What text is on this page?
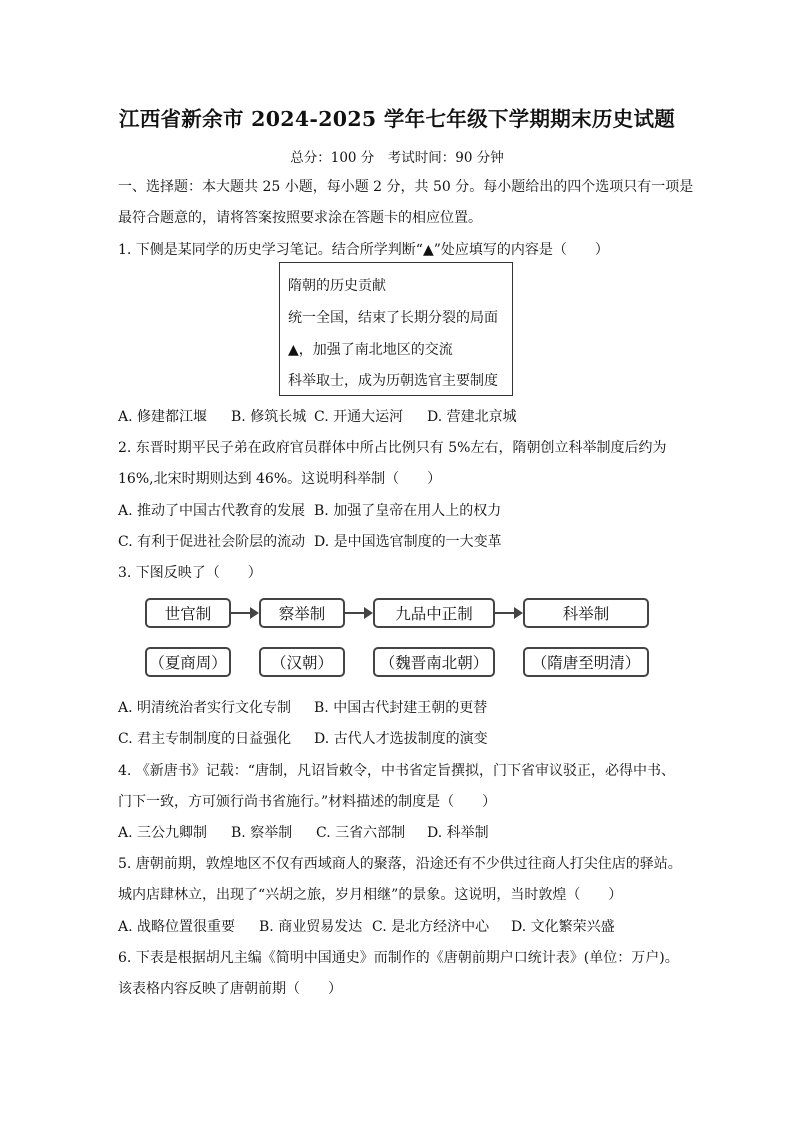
江西省新余市 2024-2025 学年七年级下学期期末历史试题
总分：100 分　考试时间：90 分钟
一、选择题：本大题共 25 小题，每小题 2 分，共 50 分。每小题给出的四个选项只有一项是
最符合题意的，请将答案按照要求涂在答题卡的相应位置。
1. 下侧是某同学的历史学习笔记。结合所学判断“▲”处应填写的内容是（　　）
隋朝的历史贡献
统一全国，结束了长期分裂的局面
▲，加强了南北地区的交流
科举取士，成为历朝选官主要制度
A. 修建都江堰 B. 修筑长城 C. 开通大运河 D. 营建北京城
2. 东晋时期平民子弟在政府官员群体中所占比例只有 5%左右，隋朝创立科举制度后约为
16%,北宋时期则达到 46%。这说明科举制（　　）
A. 推动了中国古代教育的发展 B. 加强了皇帝在用人上的权力
C. 有利于促进社会阶层的流动 D. 是中国选官制度的一大变革
3. 下图反映了（　　）
世官制	察举制	九品中正制	科举制
（夏商周）	（汉朝）	（魏晋南北朝）	（隋唐至明清）
A. 明清统治者实行文化专制 B. 中国古代封建王朝的更替
C. 君主专制制度的日益强化 D. 古代人才选拔制度的演变
4. 《新唐书》记载：“唐制，凡诏旨敕令，中书省定旨撰拟，门下省审议驳正，必得中书、
门下一致，方可颁行尚书省施行。”材料描述的制度是（　　）
A. 三公九卿制 B. 察举制 C. 三省六部制 D. 科举制
5. 唐朝前期，敦煌地区不仅有西域商人的聚落，沿途还有不少供过往商人打尖住店的驿站。
城内店肆林立，出现了“兴胡之旅，岁月相继”的景象。这说明，当时敦煌（　　）
A. 战略位置很重要 B. 商业贸易发达 C. 是北方经济中心 D. 文化繁荣兴盛
6. 下表是根据胡凡主编《简明中国通史》而制作的《唐朝前期户口统计表》(单位：万户)。
该表格内容反映了唐朝前期（　　）
